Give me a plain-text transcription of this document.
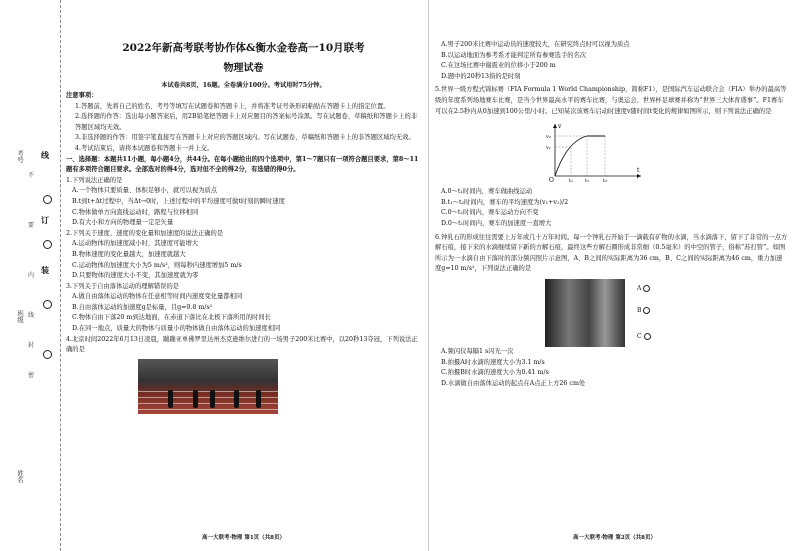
考号
班级
姓名
线
订
装
不
要
内
线
封
密
2022年新高考联考协作体&衡水金卷高一10月联考
物理试卷
本试卷共8页，16题。全卷满分100分。考试用时75分钟。

注意事项：

1.答题前，先将自己的姓名、考号等填写在试题卷和答题卡上，并将准考证号条形码粘贴在答题卡上的指定位置。

2.选择题的作答：选出每小题答案后，用2B铅笔把答题卡上对应题目的答案标号涂黑。写在试题卷、草稿纸和答题卡上的非答题区域均无效。

3.非选择题的作答：用签字笔直接写在答题卡上对应的答题区域内。写在试题卷、草稿纸和答题卡上的非答题区域均无效。

4.考试结束后，请将本试题卷和答题卡一并上交。

一、选择题：本题共11小题，每小题4分，共44分。在每小题给出的四个选项中，第1～7题只有一项符合题目要求，第8～11题有多项符合题目要求。全部选对的得4分，选对但不全的得2分，有选错的得0分。

1.下列说法正确的是
A.一个物体只要质量、体积足够小，就可以视为质点
B.t到t+Δt过程中，当Δt→0时，上述过程中的平均速度可做t时刻的瞬时速度
C.物体做单方向直线运动时，路程与位移相同
D.有大小和方向的物理量一定是矢量
2.下列关于速度、速度的变化量和加速度的说法正确的是
A.运动物体的加速度减小时，其速度可能增大
B.物体速度的变化量越大，加速度就越大
C.运动物体的加速度大小为5 m/s²，则每秒内速度增加5 m/s
D.只要物体的速度大小不变，其加速度就为零
3.下列关于自由落体运动的理解错误的是
A.做自由落体运动的物体在任意相等时间内速度变化量都相同
B.自由落体运动的加速度g是标量，且g=9.8 m/s²
C.物体自由下落20 m到达地面，在赤道下落比在北极下落所用的时间长
D.在同一地点，质量大的物体与质量小的物体做自由落体运动的加速度相同
4.北京时间2022年6月13日凌晨，蹦蹦亚单佛罗里达州杰克逊维尔进行的一场男子200米比赛中，以20秒13夺冠，下列说法正确的是
高一大联考·物理 第1页（共8页）
A.男子200米比赛中运动员的速度较大，在研究终点时可以视为质点
B.以运动地面为参考系才能判定所有参赛选手的名次
C.在这场比赛中谢震业的位移小于200 m
D.题中的20秒13指的是时刻
5.世界一级方程式锦标赛（FIA Formula 1 World Championship，简称F1），是国际汽车运动联合会（FIA）举办的最高等级的年度系列场地赛车比赛，是当今世界最高水平的赛车比赛，与奥运会、世界杯足球赛并称为“世界三大体育盛事”。F1赛车可以在2.5秒内从0加速到100公里/小时。已知某次该赛车启动时速度v随时间t变化的规律如图所示，则下列说法正确的是
v
t
O
v₂
v₁
t₁ t₂	t₃
A.0～t₁时间内，赛车做曲线运动
B.t₁～t₂时间内，赛车的平均速度为(v₁+v₂)/2
C.0～t₂时间内，赛车运动方向不变
D.0～t₁时间内，赛车的加速度一直增大
6.钟乳石的形成往往需要上万年或几十万年时间。每一个钟乳石开始于一滴载有矿物的水滴，当水滴落下，留下了非常的一点方解石痕，接下来的水滴继续留下新的方解石痕，最终这些方解石圈形成非常细（0.5毫米）的中空的管子，俗称“苏打管”。如图所示为一水滴自由下落时的部分频闪照片示意图，A、B之间的实际距离为36 cm，B、C之间的实际距离为46 cm，重力加速度g=10 m/s²，下列说法正确的是
A
B
C
A.频闪仪每隔1 s闪光一次
B.拍摄A时水滴的速度大小为3.1 m/s
C.拍摄B时水滴的速度大小为0.41 m/s
D.水滴做自由落体运动的起点在A点正上方26 cm处
高一大联考·物理 第2页（共8页）
